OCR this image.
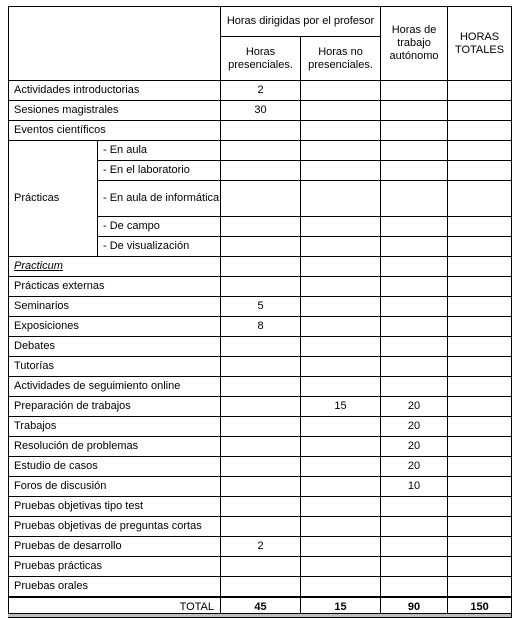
		Horas dirigidas por el profesor		Horas de trabajo autónomo	HORAS TOTALES
		Horas presenciales.	Horas no presenciales.		
Actividades introductorias		2			
Sesiones magistrales		30			
Eventos científicos					
Prácticas	- En aula				
	- En el laboratorio				
	- En aula de informática				
	- De campo				
	- De visualización				
Practicum					
Prácticas externas					
Seminarios		5			
Exposiciones		8			
Debates					
Tutorías					
Actividades de seguimiento online					
Preparación de trabajos			15	20	
Trabajos				20	
Resolución de problemas				20	
Estudio de casos				20	
Foros de discusión				10	
Pruebas objetivas tipo test					
Pruebas objetivas de preguntas cortas					
Pruebas de desarrollo		2			
Pruebas prácticas					
Pruebas orales					
TOTAL		45	15	90	150
